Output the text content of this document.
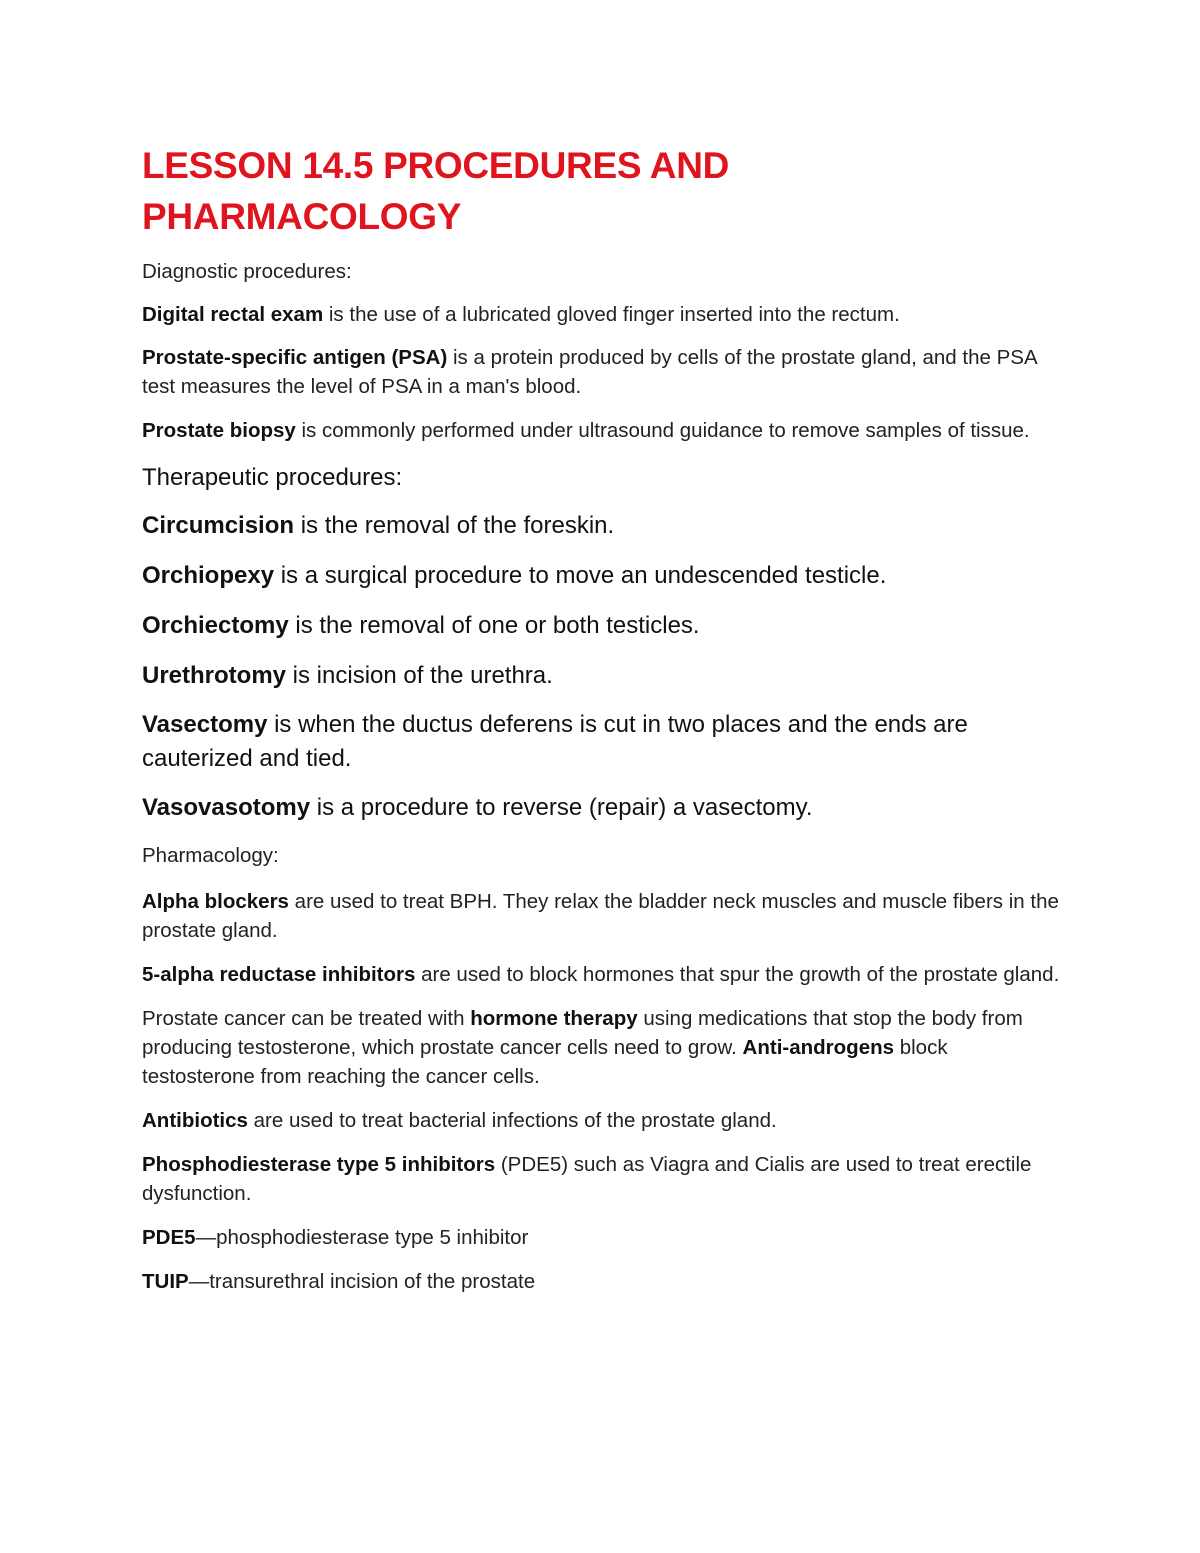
LESSON 14.5 PROCEDURES AND
PHARMACOLOGY
Diagnostic procedures:

Digital rectal exam is the use of a lubricated gloved finger inserted into the rectum.

Prostate-specific antigen (PSA) is a protein produced by cells of the prostate gland, and the PSA test measures the level of PSA in a man's blood.

Prostate biopsy is commonly performed under ultrasound guidance to remove samples of tissue.

Therapeutic procedures:

Circumcision is the removal of the foreskin.

Orchiopexy is a surgical procedure to move an undescended testicle.

Orchiectomy is the removal of one or both testicles.

Urethrotomy is incision of the urethra.

Vasectomy is when the ductus deferens is cut in two places and the ends are cauterized and tied.

Vasovasotomy is a procedure to reverse (repair) a vasectomy.

Pharmacology:

Alpha blockers are used to treat BPH. They relax the bladder neck muscles and muscle fibers in the prostate gland.

5-alpha reductase inhibitors are used to block hormones that spur the growth of the prostate gland.

Prostate cancer can be treated with hormone therapy using medications that stop the body from producing testosterone, which prostate cancer cells need to grow. Anti-androgens block testosterone from reaching the cancer cells.

Antibiotics are used to treat bacterial infections of the prostate gland.

Phosphodiesterase type 5 inhibitors (PDE5) such as Viagra and Cialis are used to treat erectile dysfunction.

PDE5—phosphodiesterase type 5 inhibitor

TUIP—transurethral incision of the prostate
